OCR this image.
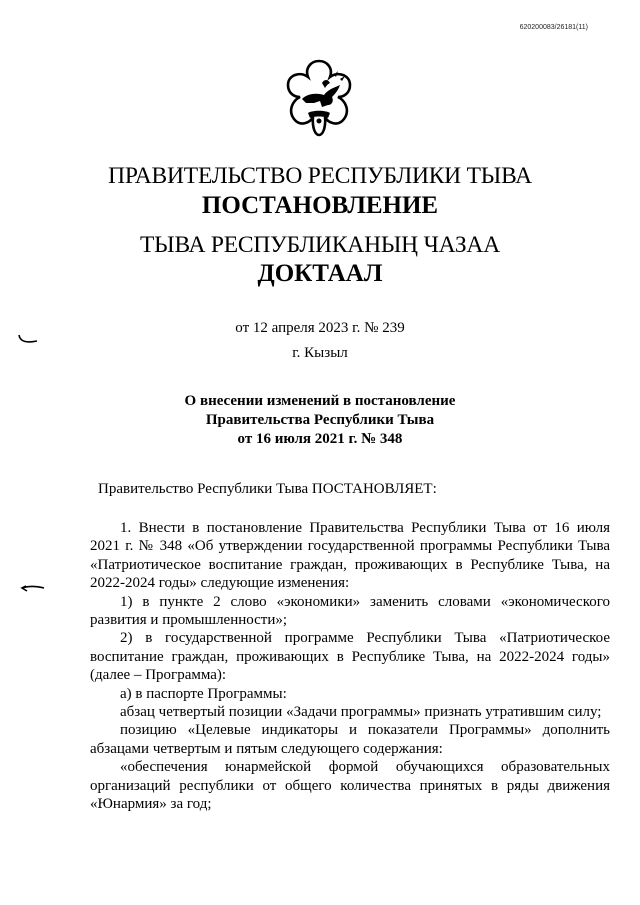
620200083/26181(11)
ПРАВИТЕЛЬСТВО РЕСПУБЛИКИ ТЫВА
ПОСТАНОВЛЕНИЕ
ТЫВА РЕСПУБЛИКАНЫҢ ЧАЗАА
ДОКТААЛ
от 12 апреля 2023 г. № 239
г. Кызыл
О внесении изменений в постановление
Правительства Республики Тыва
от 16 июля 2021 г. № 348
Правительство Республики Тыва ПОСТАНОВЛЯЕТ:

1. Внести в постановление Правительства Республики Тыва от 16 июля 2021 г. № 348 «Об утверждении государственной программы Республики Тыва «Патриотическое воспитание граждан, проживающих в Республике Тыва, на 2022-2024 годы» следующие изменения:

1) в пункте 2 слово «экономики» заменить словами «экономического развития и промышленности»;

2) в государственной программе Республики Тыва «Патриотическое воспитание граждан, проживающих в Республике Тыва, на 2022-2024 годы» (далее – Программа):

а) в паспорте Программы:

абзац четвертый позиции «Задачи программы» признать утратившим силу;

позицию «Целевые индикаторы и показатели Программы» дополнить абзацами четвертым и пятым следующего содержания:

«обеспечения юнармейской формой обучающихся образовательных организаций республики от общего количества принятых в ряды движения «Юнармия» за год;
